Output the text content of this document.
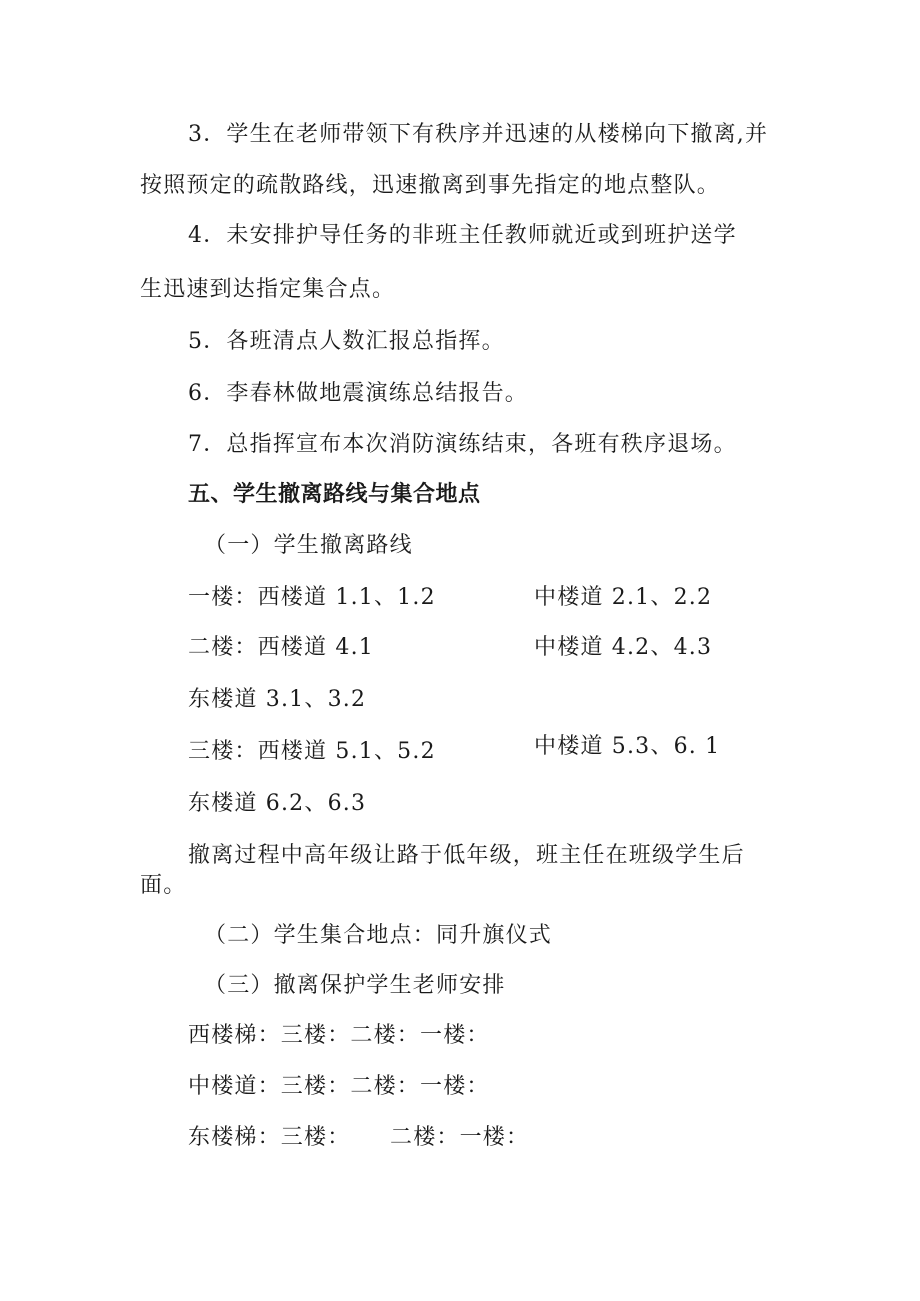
3．学生在老师带领下有秩序并迅速的从楼梯向下撤离,并
按照预定的疏散路线，迅速撤离到事先指定的地点整队。
4．未安排护导任务的非班主任教师就近或到班护送学
生迅速到达指定集合点。
5．各班清点人数汇报总指挥。
6．李春林做地震演练总结报告。
7．总指挥宣布本次消防演练结束，各班有秩序退场。
五、学生撤离路线与集合地点
（一）学生撤离路线
一楼：西楼道 1.1、1.2	中楼道 2.1、2.2
二楼：西楼道 4.1	中楼道 4.2、4.3
东楼道 3.1、3.2
三楼：西楼道 5.1、5.2	中楼道 5.3、6. 1
东楼道 6.2、6.3
撤离过程中高年级让路于低年级，班主任在班级学生后
面。
（二）学生集合地点：同升旗仪式
（三）撤离保护学生老师安排
西楼梯：三楼：二楼：一楼：
中楼道：三楼：二楼：一楼：
东楼梯：三楼： 二楼：一楼：
